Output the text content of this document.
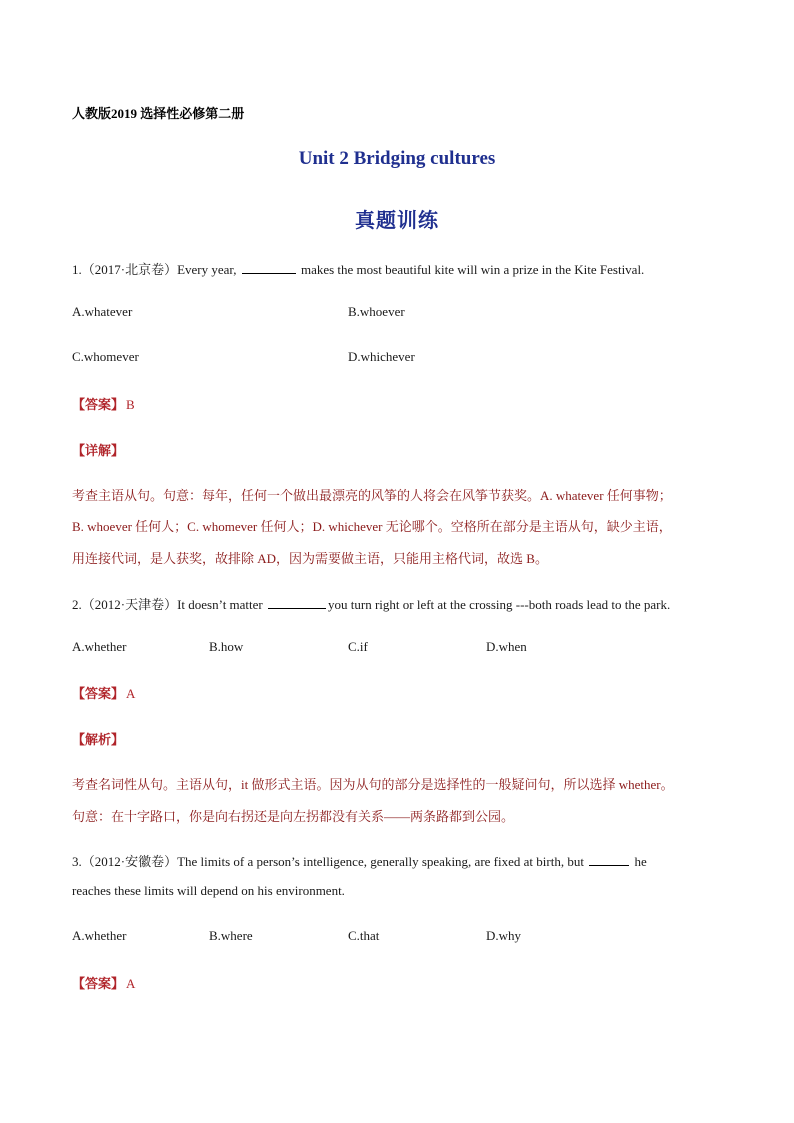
人教版2019 选择性必修第二册
Unit 2 Bridging cultures
真题训练
1.（2017·北京卷）Every year,	makes the most beautiful kite will win a prize in the Kite Festival.
A.whatever	B.whoever
C.whomever	D.whichever
【答案】 B
【详解】
考查主语从句。句意：每年，任何一个做出最漂亮的风筝的人将会在风筝节获奖。A. whatever 任何事物；
B. whoever 任何人；C. whomever 任何人；D. whichever 无论哪个。空格所在部分是主语从句，缺少主语，
用连接代词，是人获奖，故排除 AD，因为需要做主语，只能用主格代词，故选 B。
2.（2012·天津卷）It doesn’t matter	you turn right or left at the crossing ---both roads lead to the park.
A.whether	B.how	C.if	D.when
【答案】 A
【解析】
考查名词性从句。主语从句，it 做形式主语。因为从句的部分是选择性的一般疑问句，所以选择 whether。
句意：在十字路口，你是向右拐还是向左拐都没有关系——两条路都到公园。
3.（2012·安徽卷）The limits of a person’s intelligence, generally speaking, are fixed at birth, but	he
reaches these limits will depend on his environment.
A.whether	B.where	C.that	D.why
【答案】 A
